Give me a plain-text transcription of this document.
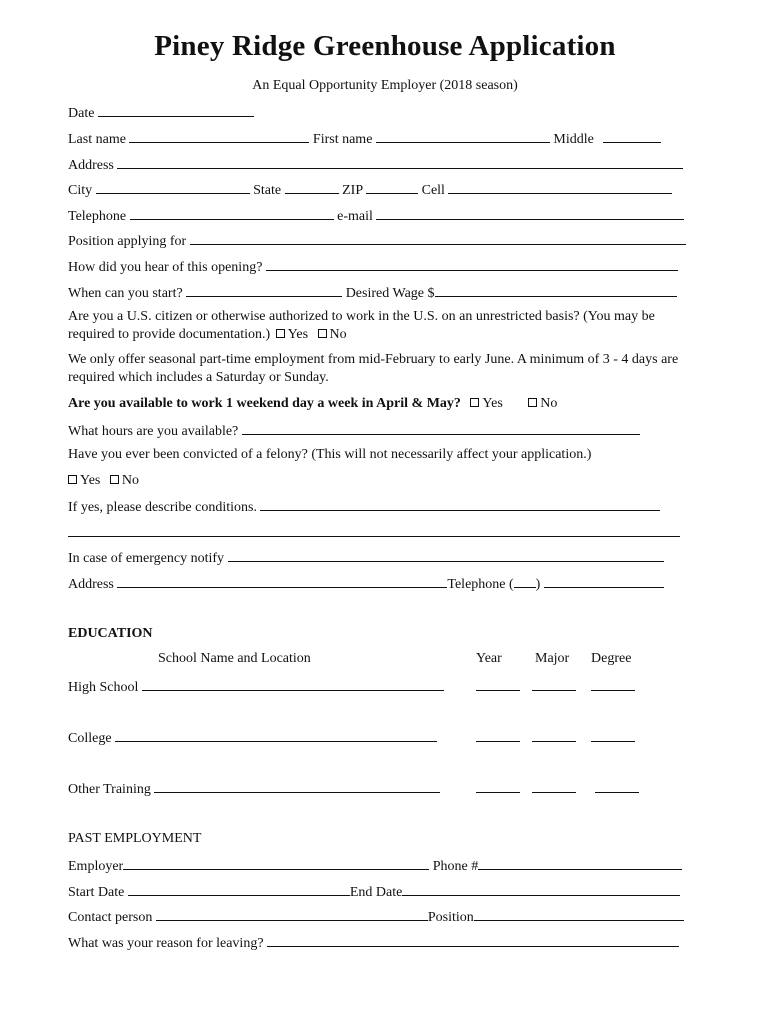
Piney Ridge Greenhouse Application
An Equal Opportunity Employer (2018 season)
Date
Last name	First name	Middle
Address
City	State	ZIP	Cell
Telephone	e-mail
Position applying for
How did you hear of this opening?
When can you start?	Desired Wage $
Are you a U.S. citizen or otherwise authorized to work in the U.S. on an unrestricted basis? (You may be required to provide documentation.) Yes No
We only offer seasonal part-time employment from mid-February to early June. A minimum of 3 - 4 days are required which includes a Saturday or Sunday.
Are you available to work 1 weekend day a week in April & May? Yes	No
What hours are you available?
Have you ever been convicted of a felony? (This will not necessarily affect your application.)
Yes No
If yes, please describe conditions.
In case of emergency notify
Address	Telephone ( )
EDUCATION
School Name and Location	Year Major Degree
High School

College

Other Training

PAST EMPLOYMENT
Employer	Phone #
Start Date	End Date
Contact person	Position
What was your reason for leaving?
